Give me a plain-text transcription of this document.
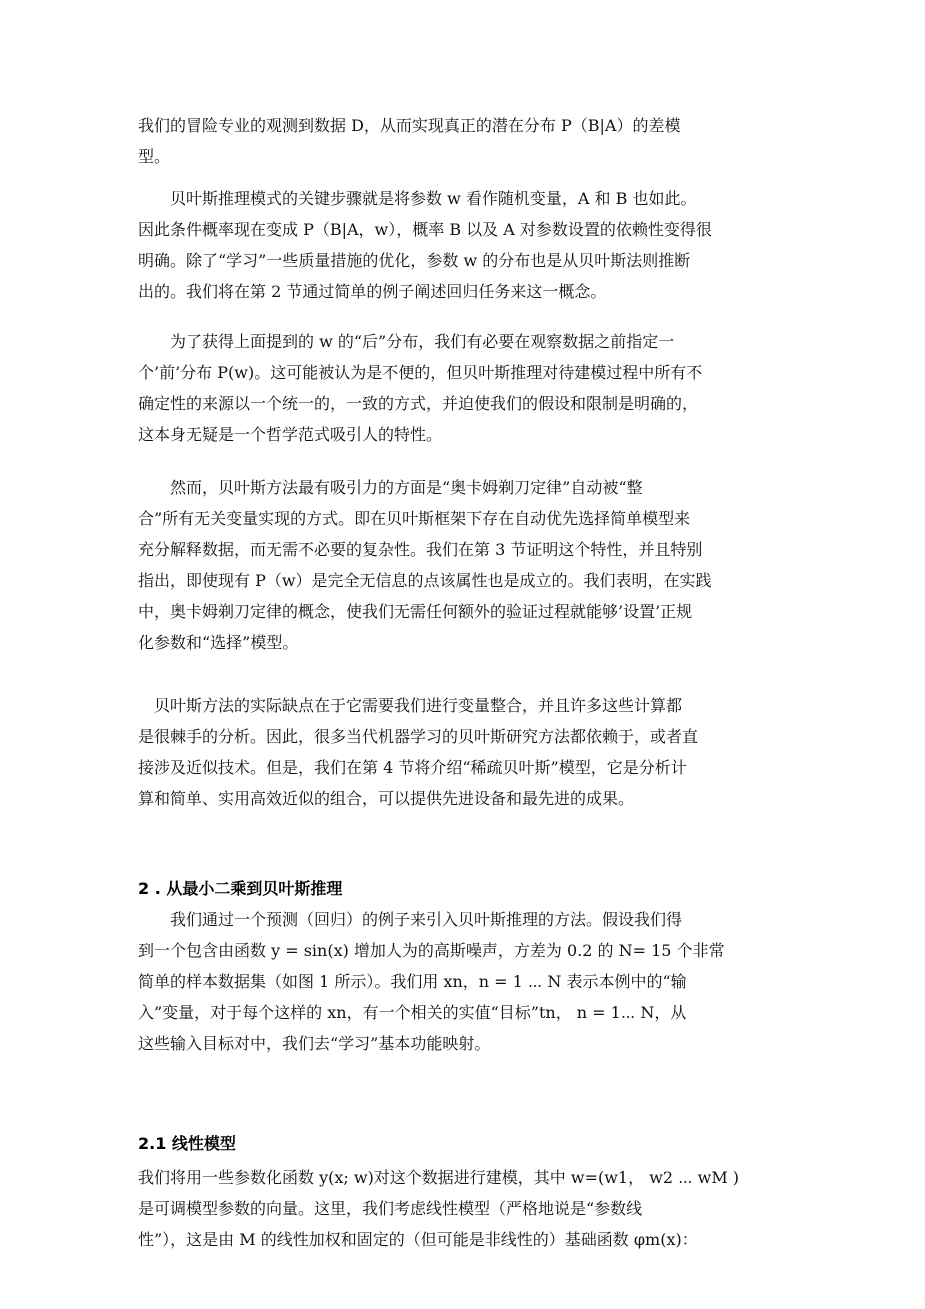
我们的冒险专业的观测到数据 D，从而实现真正的潜在分布 P（B|A）的差模
型。
　　贝叶斯推理模式的关键步骤就是将参数 w 看作随机变量，A 和 B 也如此。
因此条件概率现在变成 P（B|A，w），概率 B 以及 A 对参数设置的依赖性变得很
明确。除了“学习”一些质量措施的优化，参数 w 的分布也是从贝叶斯法则推断
出的。我们将在第 2 节通过简单的例子阐述回归任务来这一概念。
　　为了获得上面提到的 w 的“后”分布，我们有必要在观察数据之前指定一
个’前’分布 P(w)。这可能被认为是不便的，但贝叶斯推理对待建模过程中所有不
确定性的来源以一个统一的，一致的方式，并迫使我们的假设和限制是明确的，
这本身无疑是一个哲学范式吸引人的特性。
　　然而，贝叶斯方法最有吸引力的方面是“奥卡姆剃刀定律”自动被“整
合”所有无关变量实现的方式。即在贝叶斯框架下存在自动优先选择简单模型来
充分解释数据，而无需不必要的复杂性。我们在第 3 节证明这个特性，并且特别
指出，即使现有 P（w）是完全无信息的点该属性也是成立的。我们表明，在实践
中，奥卡姆剃刀定律的概念，使我们无需任何额外的验证过程就能够’设置’正规
化参数和“选择”模型。
　贝叶斯方法的实际缺点在于它需要我们进行变量整合，并且许多这些计算都
是很棘手的分析。因此，很多当代机器学习的贝叶斯研究方法都依赖于，或者直
接涉及近似技术。但是，我们在第 4 节将介绍“稀疏贝叶斯”模型，它是分析计
算和简单、实用高效近似的组合，可以提供先进设备和最先进的成果。
2 . 从最小二乘到贝叶斯推理
　　我们通过一个预测（回归）的例子来引入贝叶斯推理的方法。假设我们得
到一个包含由函数 y = sin(x) 增加人为的高斯噪声，方差为 0.2 的 N= 15 个非常
简单的样本数据集（如图 1 所示）。我们用 xn，n = 1 ⋯ N 表示本例中的“输
入”变量，对于每个这样的 xn，有一个相关的实值“目标”tn， n = 1⋯ N，从
这些输入目标对中，我们去“学习”基本功能映射。
2.1 线性模型
我们将用一些参数化函数 y(x; w)对这个数据进行建模，其中 w=(w1， w2 ⋯ wM )
是可调模型参数的向量。这里，我们考虑线性模型（严格地说是“参数线
性”），这是由 M 的线性加权和固定的（但可能是非线性的）基础函数 φm(x)：
